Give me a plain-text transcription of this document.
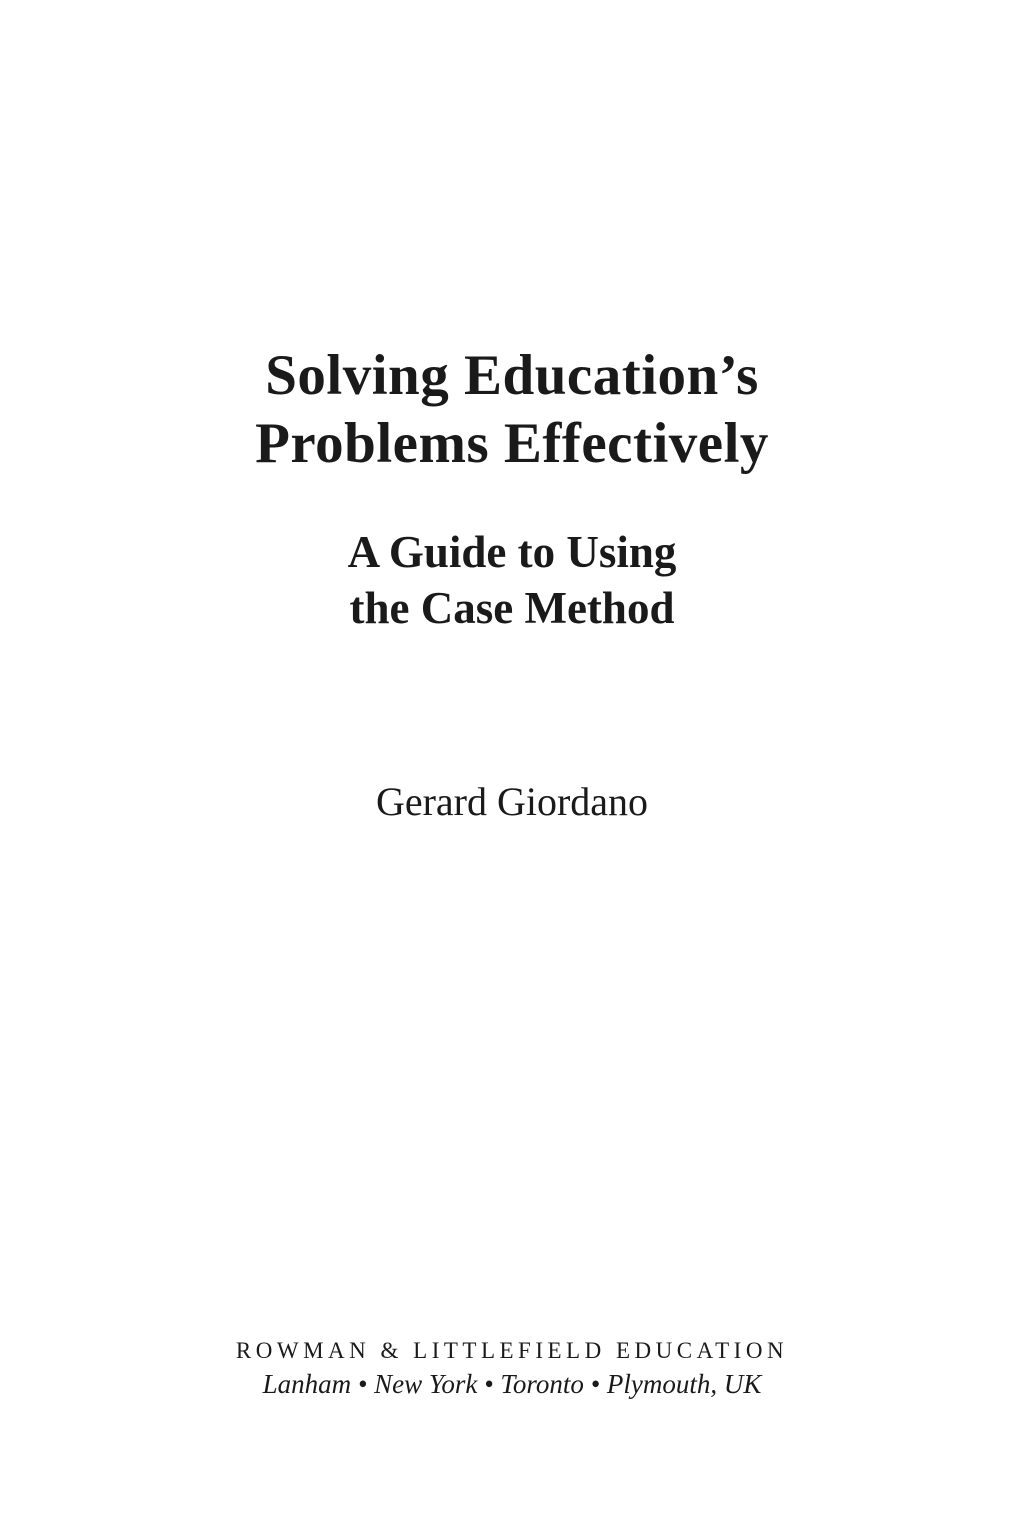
Solving Education’s
Problems Effectively
A Guide to Using
the Case Method
Gerard Giordano
ROWMAN & LITTLEFIELD EDUCATION
Lanham • New York • Toronto • Plymouth, UK
